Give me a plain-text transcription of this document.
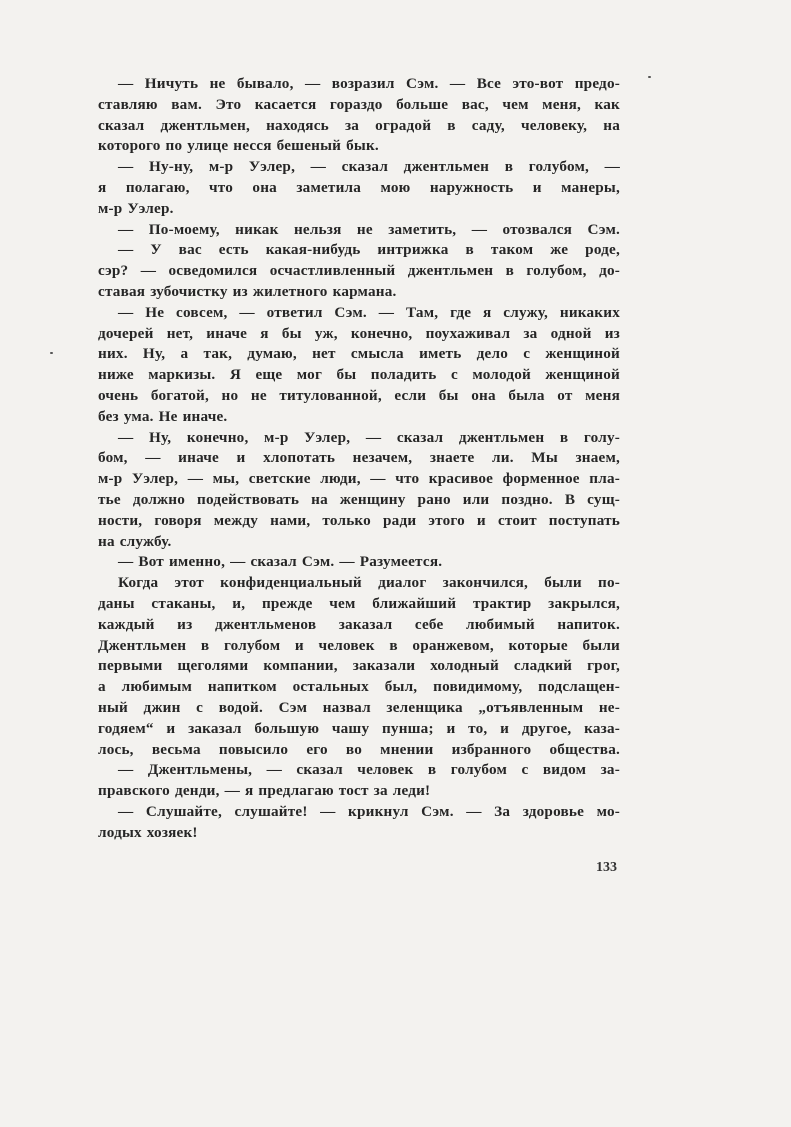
— Ничуть не бывало, — возразил Сэм. — Все это-вот предо-
ставляю вам. Это касается гораздо больше вас, чем меня, как
сказал джентльмен, находясь за оградой в саду, человеку, на
которого по улице несся бешеный бык.
— Ну-ну, м-р Уэлер, — сказал джентльмен в голубом, —
я полагаю, что она заметила мою наружность и манеры,
м-р Уэлер.
— По-моему, никак нельзя не заметить, — отозвался Сэм.
— У вас есть какая-нибудь интрижка в таком же роде,
сэр? — осведомился осчастливленный джентльмен в голубом, до-
ставая зубочистку из жилетного кармана.
— Не совсем, — ответил Сэм. — Там, где я служу, никаких
дочерей нет, иначе я бы уж, конечно, поухаживал за одной из
них. Ну, а так, думаю, нет смысла иметь дело с женщиной
ниже маркизы. Я еще мог бы поладить с молодой женщиной
очень богатой, но не титулованной, если бы она была от меня
без ума. Не иначе.
— Ну, конечно, м-р Уэлер, — сказал джентльмен в голу-
бом, — иначе и хлопотать незачем, знаете ли. Мы знаем,
м-р Уэлер, — мы, светские люди, — что красивое форменное пла-
тье должно подействовать на женщину рано или поздно. В сущ-
ности, говоря между нами, только ради этого и стоит поступать
на службу.
— Вот именно, — сказал Сэм. — Разумеется.
Когда этот конфиденциальный диалог закончился, были по-
даны стаканы, и, прежде чем ближайший трактир закрылся,
каждый из джентльменов заказал себе любимый напиток.
Джентльмен в голубом и человек в оранжевом, которые были
первыми щеголями компании, заказали холодный сладкий грог,
а любимым напитком остальных был, повидимому, подслащен-
ный джин с водой. Сэм назвал зеленщика „отъявленным не-
годяем“ и заказал большую чашу пунша; и то, и другое, каза-
лось, весьма повысило его во мнении избранного общества.
— Джентльмены, — сказал человек в голубом с видом за-
правского денди, — я предлагаю тост за леди!
— Слушайте, слушайте! — крикнул Сэм. — За здоровье мо-
лодых хозяек!
133
